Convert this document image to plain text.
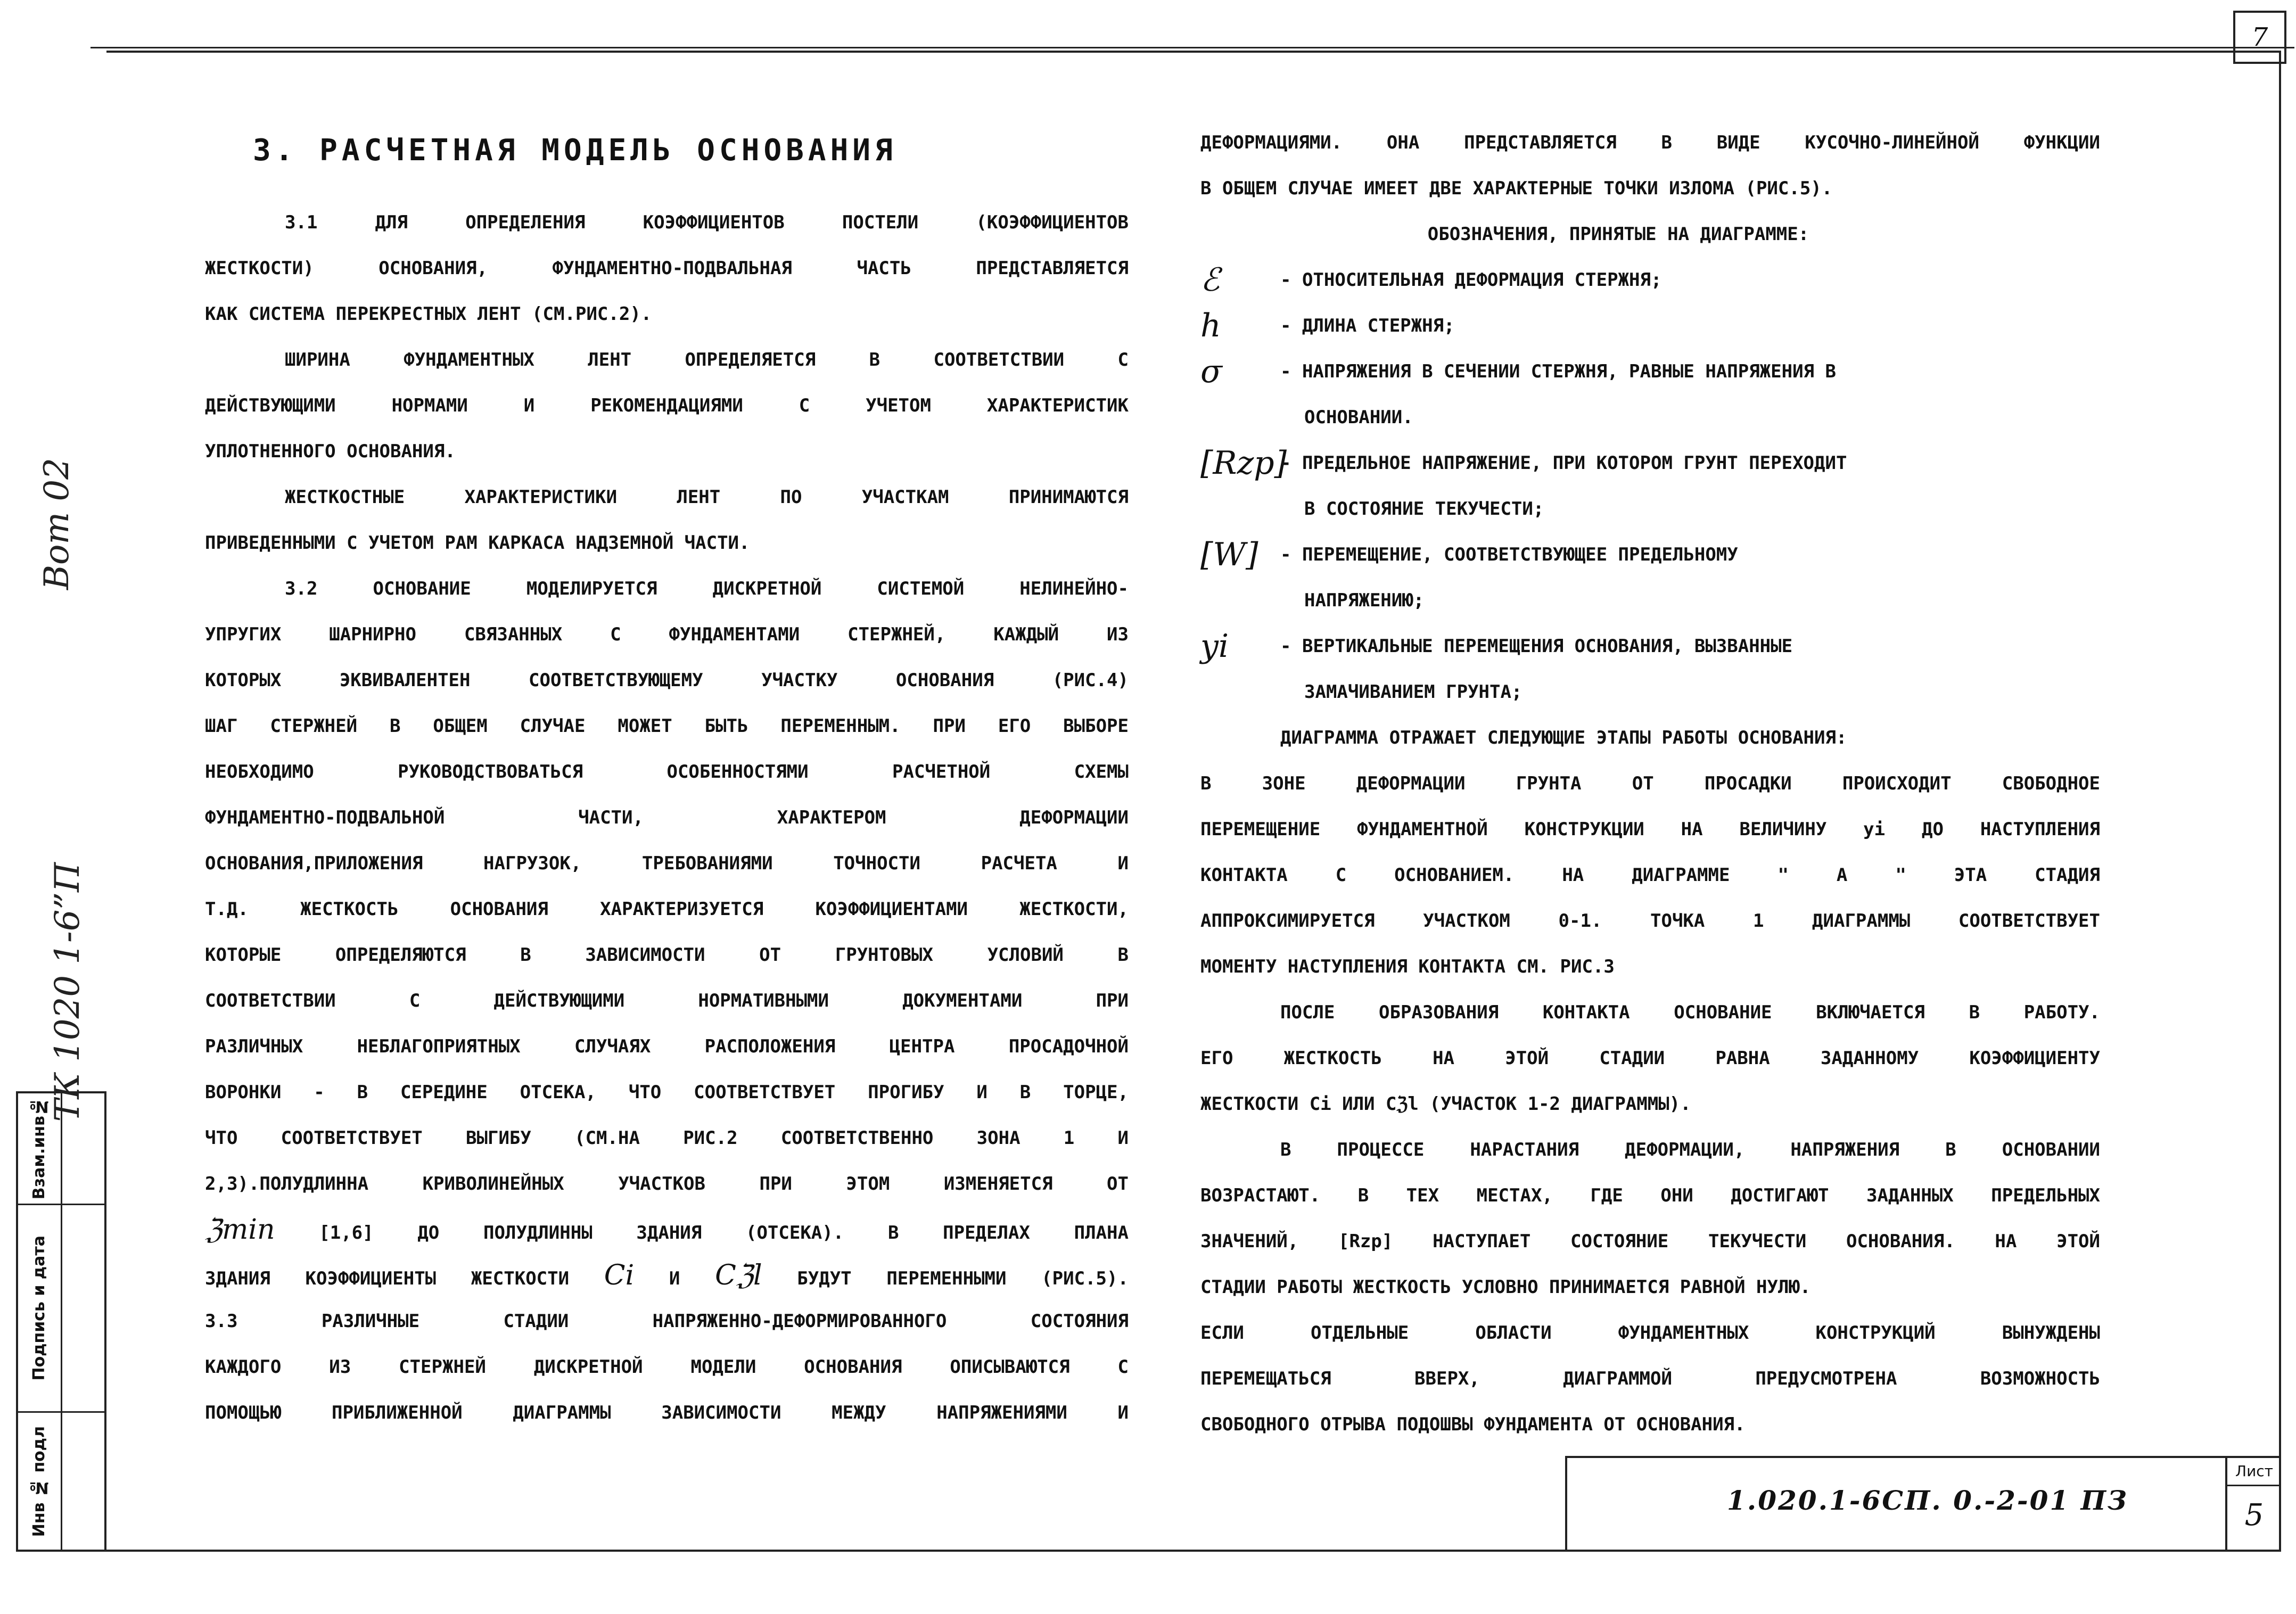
7
Вот 02
ТК 1020 1-6”П
Взам.инв№
Подпись и дата
Инв № подл
3. РАСЧЕТНАЯ МОДЕЛЬ ОСНОВАНИЯ
3.1 ДЛЯ ОПРЕДЕЛЕНИЯ КОЭФФИЦИЕНТОВ ПОСТЕЛИ (КОЭФФИЦИЕНТОВ
ЖЕСТКОСТИ) ОСНОВАНИЯ, ФУНДАМЕНТНО-ПОДВАЛЬНАЯ ЧАСТЬ ПРЕДСТАВЛЯЕТСЯ
КАК СИСТЕМА ПЕРЕКРЕСТНЫХ ЛЕНТ (СМ.РИС.2).
ШИРИНА ФУНДАМЕНТНЫХ ЛЕНТ ОПРЕДЕЛЯЕТСЯ В СООТВЕТСТВИИ С
ДЕЙСТВУЮЩИМИ НОРМАМИ И РЕКОМЕНДАЦИЯМИ С УЧЕТОМ ХАРАКТЕРИСТИК
УПЛОТНЕННОГО ОСНОВАНИЯ.
ЖЕСТКОСТНЫЕ ХАРАКТЕРИСТИКИ ЛЕНТ ПО УЧАСТКАМ ПРИНИМАЮТСЯ
ПРИВЕДЕННЫМИ С УЧЕТОМ РАМ КАРКАСА НАДЗЕМНОЙ ЧАСТИ.
3.2 ОСНОВАНИЕ МОДЕЛИРУЕТСЯ ДИСКРЕТНОЙ СИСТЕМОЙ НЕЛИНЕЙНО-
УПРУГИХ ШАРНИРНО СВЯЗАННЫХ С ФУНДАМЕНТАМИ СТЕРЖНЕЙ, КАЖДЫЙ ИЗ
КОТОРЫХ ЭКВИВАЛЕНТЕН СООТВЕТСТВУЮЩЕМУ УЧАСТКУ ОСНОВАНИЯ (РИС.4)
ШАГ СТЕРЖНЕЙ В ОБЩЕМ СЛУЧАЕ МОЖЕТ БЫТЬ ПЕРЕМЕННЫМ. ПРИ ЕГО ВЫБОРЕ
НЕОБХОДИМО РУКОВОДСТВОВАТЬСЯ ОСОБЕННОСТЯМИ РАСЧЕТНОЙ СХЕМЫ
ФУНДАМЕНТНО-ПОДВАЛЬНОЙ ЧАСТИ, ХАРАКТЕРОМ ДЕФОРМАЦИИ
ОСНОВАНИЯ,ПРИЛОЖЕНИЯ НАГРУЗОК, ТРЕБОВАНИЯМИ ТОЧНОСТИ РАСЧЕТА И
Т.Д. ЖЕСТКОСТЬ ОСНОВАНИЯ ХАРАКТЕРИЗУЕТСЯ КОЭФФИЦИЕНТАМИ ЖЕСТКОСТИ,
КОТОРЫЕ ОПРЕДЕЛЯЮТСЯ В ЗАВИСИМОСТИ ОТ ГРУНТОВЫХ УСЛОВИЙ В
СООТВЕТСТВИИ С ДЕЙСТВУЮЩИМИ НОРМАТИВНЫМИ ДОКУМЕНТАМИ ПРИ
РАЗЛИЧНЫХ НЕБЛАГОПРИЯТНЫХ СЛУЧАЯХ РАСПОЛОЖЕНИЯ ЦЕНТРА ПРОСАДОЧНОЙ
ВОРОНКИ - В СЕРЕДИНЕ ОТСЕКА, ЧТО СООТВЕТСТВУЕТ ПРОГИБУ И В ТОРЦЕ,
ЧТО СООТВЕТСТВУЕТ ВЫГИБУ (СМ.НА РИС.2 СООТВЕТСТВЕННО ЗОНА 1 И
2,3).ПОЛУДЛИННА КРИВОЛИНЕЙНЫХ УЧАСТКОВ ПРИ ЭТОМ ИЗМЕНЯЕТСЯ ОТ
ℨmin [1,6] ДО ПОЛУДЛИННЫ ЗДАНИЯ (ОТСЕКА). В ПРЕДЕЛАХ ПЛАНА
ЗДАНИЯ КОЭФФИЦИЕНТЫ ЖЕСТКОСТИ Ci И Cℨl БУДУТ ПЕРЕМЕННЫМИ (РИС.5).
3.3 РАЗЛИЧНЫЕ СТАДИИ НАПРЯЖЕННО-ДЕФОРМИРОВАННОГО СОСТОЯНИЯ
КАЖДОГО ИЗ СТЕРЖНЕЙ ДИСКРЕТНОЙ МОДЕЛИ ОСНОВАНИЯ ОПИСЫВАЮТСЯ С
ПОМОЩЬЮ ПРИБЛИЖЕННОЙ ДИАГРАММЫ ЗАВИСИМОСТИ МЕЖДУ НАПРЯЖЕНИЯМИ И
ДЕФОРМАЦИЯМИ. ОНА ПРЕДСТАВЛЯЕТСЯ В ВИДЕ КУСОЧНО-ЛИНЕЙНОЙ ФУНКЦИИ
В ОБЩЕМ СЛУЧАЕ ИМЕЕТ ДВЕ ХАРАКТЕРНЫЕ ТОЧКИ ИЗЛОМА (РИС.5).
ОБОЗНАЧЕНИЯ, ПРИНЯТЫЕ НА ДИАГРАММЕ:
ℰ	- ОТНОСИТЕЛЬНАЯ ДЕФОРМАЦИЯ СТЕРЖНЯ;
h	- ДЛИНА СТЕРЖНЯ;
σ	- НАПРЯЖЕНИЯ В СЕЧЕНИИ СТЕРЖНЯ, РАВНЫЕ НАПРЯЖЕНИЯ В
ОСНОВАНИИ.
[Rzp]
- ПРЕДЕЛЬНОЕ НАПРЯЖЕНИЕ, ПРИ КОТОРОМ ГРУНТ ПЕРЕХОДИТ
В СОСТОЯНИЕ ТЕКУЧЕСТИ;
[W]	- ПЕРЕМЕЩЕНИЕ, СООТВЕТСТВУЮЩЕЕ ПРЕДЕЛЬНОМУ
НАПРЯЖЕНИЮ;
yi	- ВЕРТИКАЛЬНЫЕ ПЕРЕМЕЩЕНИЯ ОСНОВАНИЯ, ВЫЗВАННЫЕ
ЗАМАЧИВАНИЕМ ГРУНТА;
ДИАГРАММА ОТРАЖАЕТ СЛЕДУЮЩИЕ ЭТАПЫ РАБОТЫ ОСНОВАНИЯ:
В ЗОНЕ ДЕФОРМАЦИИ ГРУНТА ОТ ПРОСАДКИ ПРОИСХОДИТ СВОБОДНОЕ
ПЕРЕМЕЩЕНИЕ ФУНДАМЕНТНОЙ КОНСТРУКЦИИ НА ВЕЛИЧИНУ yi ДО НАСТУПЛЕНИЯ
КОНТАКТА С ОСНОВАНИЕМ. НА ДИАГРАММЕ " А " ЭТА СТАДИЯ
АППРОКСИМИРУЕТСЯ УЧАСТКОМ 0-1. ТОЧКА 1 ДИАГРАММЫ СООТВЕТСТВУЕТ
МОМЕНТУ НАСТУПЛЕНИЯ КОНТАКТА СМ. РИС.3
ПОСЛЕ ОБРАЗОВАНИЯ КОНТАКТА ОСНОВАНИЕ ВКЛЮЧАЕТСЯ В РАБОТУ.
ЕГО ЖЕСТКОСТЬ НА ЭТОЙ СТАДИИ РАВНА ЗАДАННОМУ КОЭФФИЦИЕНТУ
ЖЕСТКОСТИ Ci ИЛИ Cℨl (УЧАСТОК 1-2 ДИАГРАММЫ).
В ПРОЦЕССЕ НАРАСТАНИЯ ДЕФОРМАЦИИ, НАПРЯЖЕНИЯ В ОСНОВАНИИ
ВОЗРАСТАЮТ. В ТЕХ МЕСТАХ, ГДЕ ОНИ ДОСТИГАЮТ ЗАДАННЫХ ПРЕДЕЛЬНЫХ
ЗНАЧЕНИЙ, [Rzp] НАСТУПАЕТ СОСТОЯНИЕ ТЕКУЧЕСТИ ОСНОВАНИЯ. НА ЭТОЙ
СТАДИИ РАБОТЫ ЖЕСТКОСТЬ УСЛОВНО ПРИНИМАЕТСЯ РАВНОЙ НУЛЮ.
ЕСЛИ ОТДЕЛЬНЫЕ ОБЛАСТИ ФУНДАМЕНТНЫХ КОНСТРУКЦИЙ ВЫНУЖДЕНЫ
ПЕРЕМЕЩАТЬСЯ ВВЕРХ, ДИАГРАММОЙ ПРЕДУСМОТРЕНА ВОЗМОЖНОСТЬ
СВОБОДНОГО ОТРЫВА ПОДОШВЫ ФУНДАМЕНТА ОТ ОСНОВАНИЯ.
1.020.1-6СП. 0.-2-01 ПЗ
Лист
5
